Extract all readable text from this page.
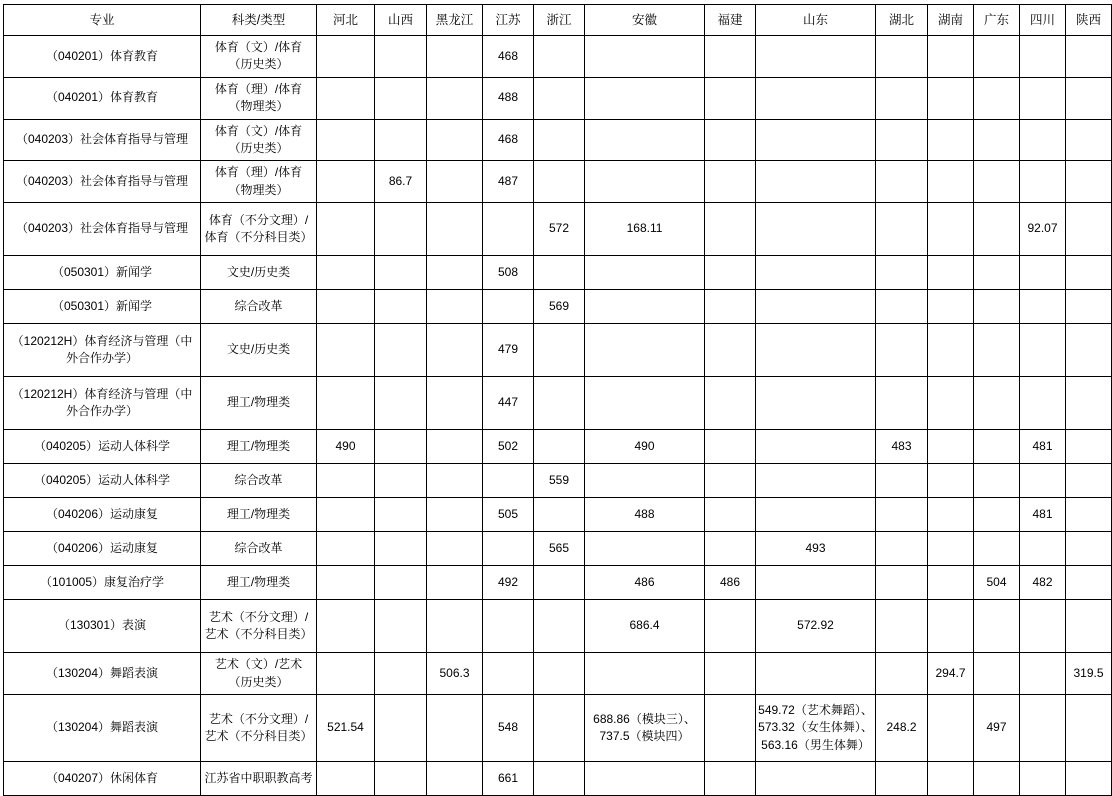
专业	科类/类型	河北	山西	黑龙江	江苏	浙江	安徽	福建	山东	湖北	湖南	广东	四川	陕西
（040201）体育教育	体育（文）/体育（历史类）				468									
（040201）体育教育	体育（理）/体育（物理类）				488									
（040203）社会体育指导与管理	体育（文）/体育（历史类）				468									
（040203）社会体育指导与管理	体育（理）/体育（物理类）		86.7		487									
（040203）社会体育指导与管理	体育（不分文理）/体育（不分科目类）					572	168.11						92.07	
（050301）新闻学	文史/历史类				508									
（050301）新闻学	综合改革					569								
（120212H）体育经济与管理（中外合作办学）	文史/历史类				479									
（120212H）体育经济与管理（中外合作办学）	理工/物理类				447									
（040205）运动人体科学	理工/物理类	490			502		490			483			481	
（040205）运动人体科学	综合改革					559								
（040206）运动康复	理工/物理类				505		488						481	
（040206）运动康复	综合改革					565			493					
（101005）康复治疗学	理工/物理类				492		486	486				504	482	
（130301）表演	艺术（不分文理）/艺术（不分科目类）						686.4		572.92					
（130204）舞蹈表演	艺术（文）/艺术（历史类）			506.3							294.7			319.5
（130204）舞蹈表演	艺术（不分文理）/艺术（不分科目类）	521.54			548		688.86（模块三）、737.5（模块四）		549.72（艺术舞蹈）、573.32（女生体舞）、563.16（男生体舞）	248.2		497		
（040207）休闲体育	江苏省中职职教高考				661									
